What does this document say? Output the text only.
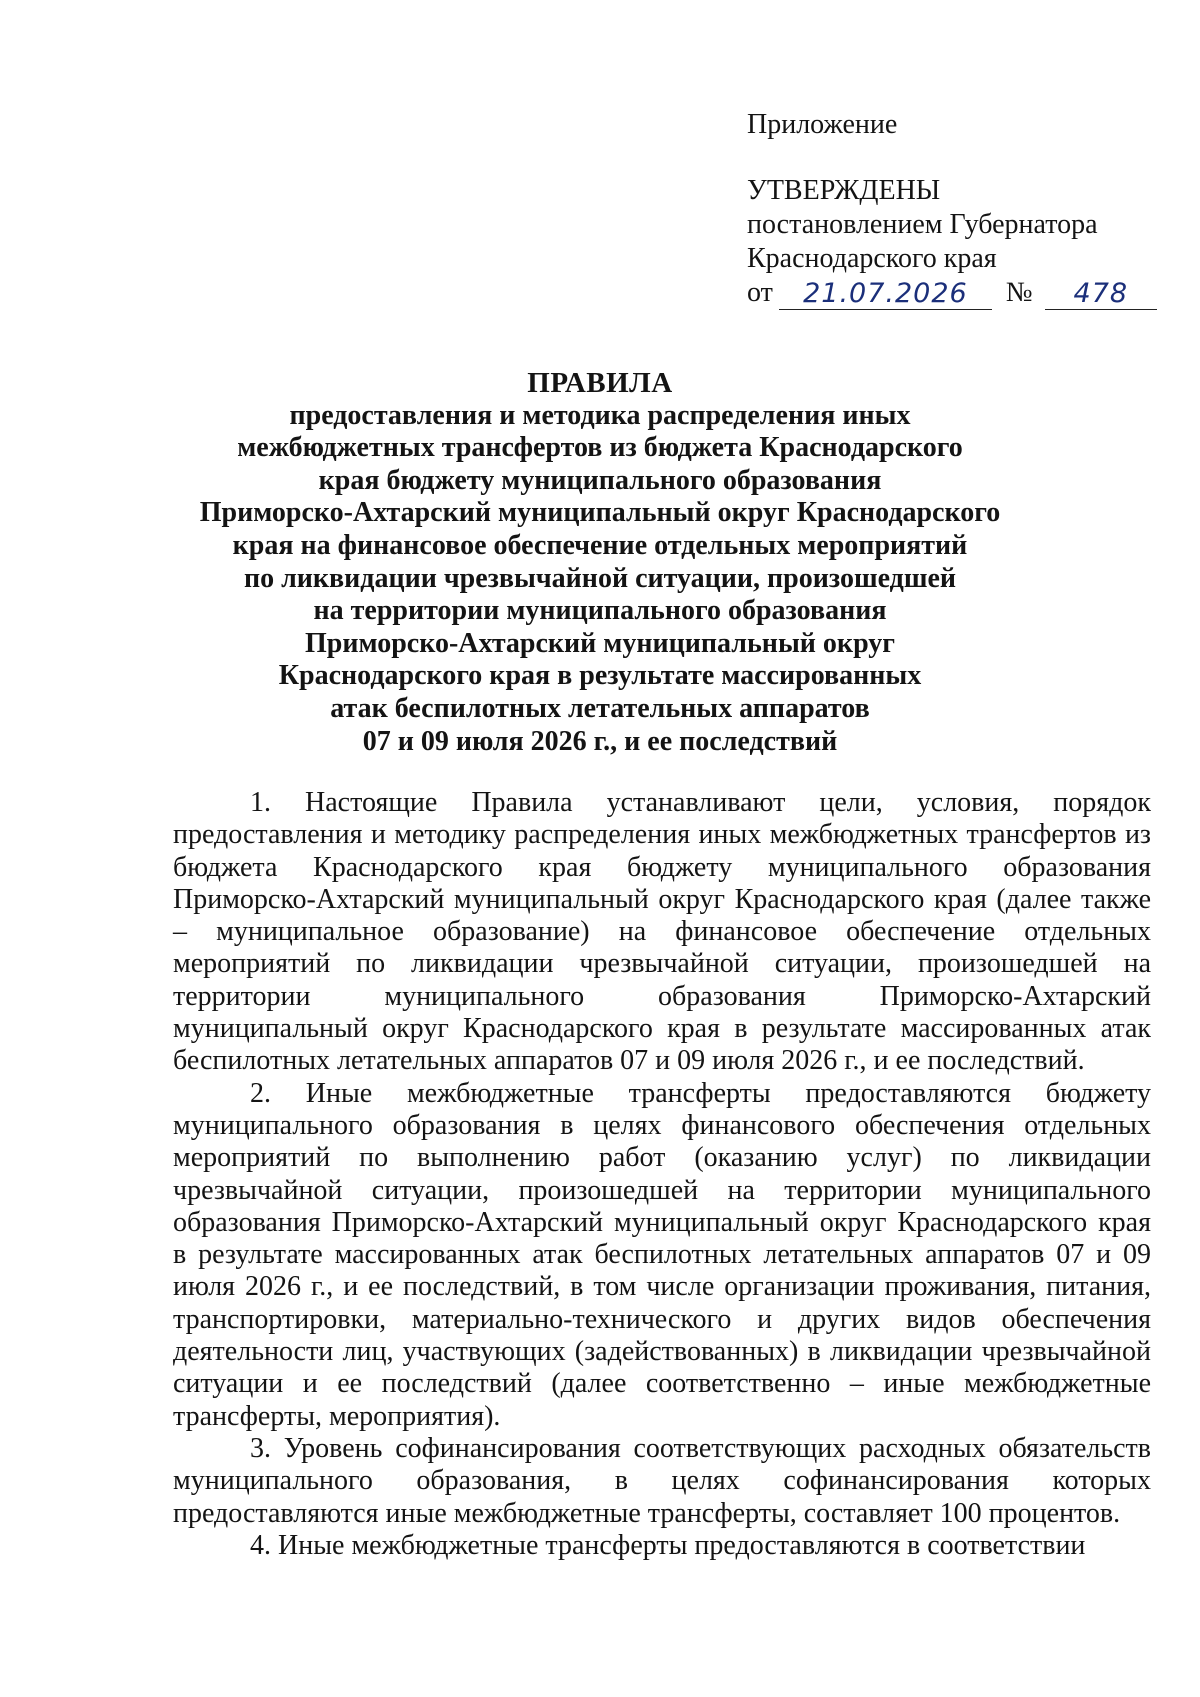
Приложение
УТВЕРЖДЕНЫ
постановлением Губернатора
Краснодарского края
от	21.07.2026	№	478
ПРАВИЛА
предоставления и методика распределения иных
межбюджетных трансфертов из бюджета Краснодарского
края бюджету муниципального образования
Приморско-Ахтарский муниципальный округ Краснодарского
края на финансовое обеспечение отдельных мероприятий
по ликвидации чрезвычайной ситуации, произошедшей
на территории муниципального образования
Приморско-Ахтарский муниципальный округ
Краснодарского края в результате массированных
атак беспилотных летательных аппаратов
07 и 09 июля 2026 г., и ее последствий

1. Настоящие Правила устанавливают цели, условия, порядок предоставления и методику распределения иных межбюджетных трансфертов из бюджета Краснодарского края бюджету муниципального образования Приморско-Ахтарский муниципальный округ Краснодарского края (далее также – муниципальное образование) на финансовое обеспечение отдельных мероприятий по ликвидации чрезвычайной ситуации, произошедшей на территории муниципального образования Приморско-Ахтарский муниципальный округ Краснодарского края в результате массированных атак беспилотных летательных аппаратов 07 и 09 июля 2026 г., и ее последствий.

2. Иные межбюджетные трансферты предоставляются бюджету муниципального образования в целях финансового обеспечения отдельных мероприятий по выполнению работ (оказанию услуг) по ликвидации чрезвычайной ситуации, произошедшей на территории муниципального образования Приморско-Ахтарский муниципальный округ Краснодарского края в результате массированных атак беспилотных летательных аппаратов 07 и 09 июля 2026 г., и ее последствий, в том числе организации проживания, питания, транспортировки, материально-технического и других видов обеспечения деятельности лиц, участвующих (задействованных) в ликвидации чрезвычайной ситуации и ее последствий (далее соответственно – иные межбюджетные трансферты, мероприятия).

3. Уровень софинансирования соответствующих расходных обязательств муниципального образования, в целях софинансирования которых предоставляются иные межбюджетные трансферты, составляет 100 процентов.

4. Иные межбюджетные трансферты предоставляются в соответствии
